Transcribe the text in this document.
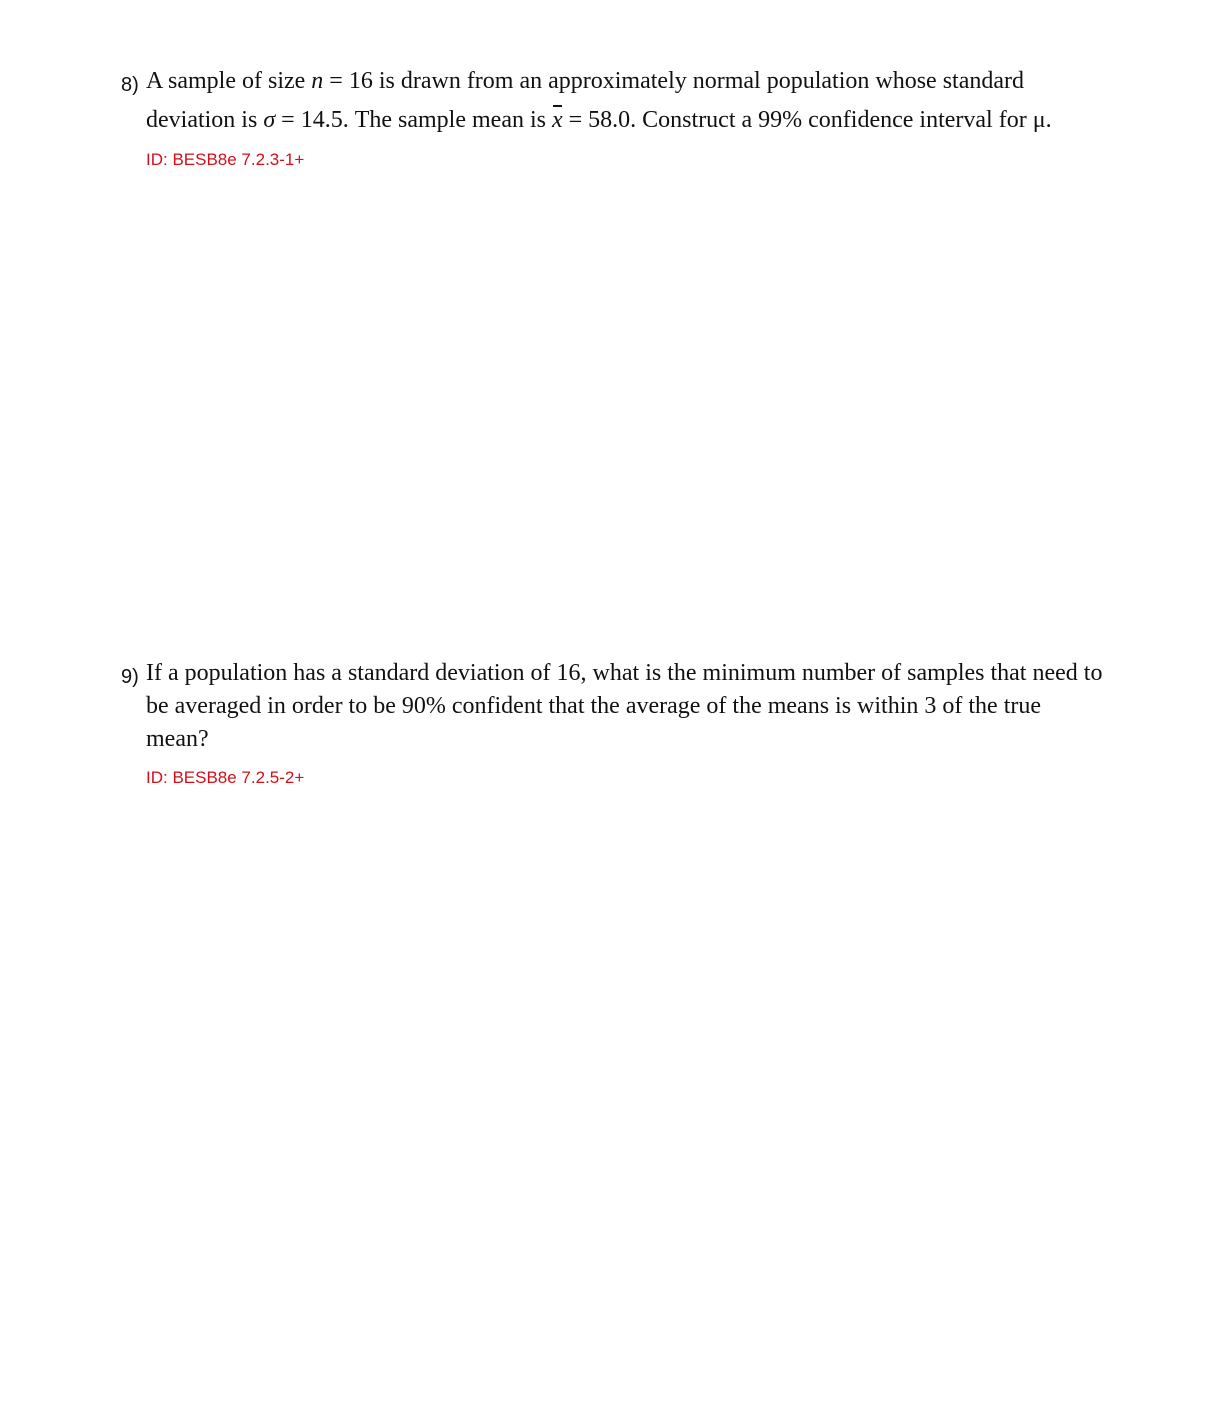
8) A sample of size n = 16 is drawn from an approximately normal population whose standard
deviation is σ = 14.5. The sample mean is x = 58.0. Construct a 99% confidence interval for μ.
ID: BESB8e 7.2.3-1+
9) If a population has a standard deviation of 16, what is the minimum number of samples that need to
be averaged in order to be 90% confident that the average of the means is within 3 of the true
mean?
ID: BESB8e 7.2.5-2+
